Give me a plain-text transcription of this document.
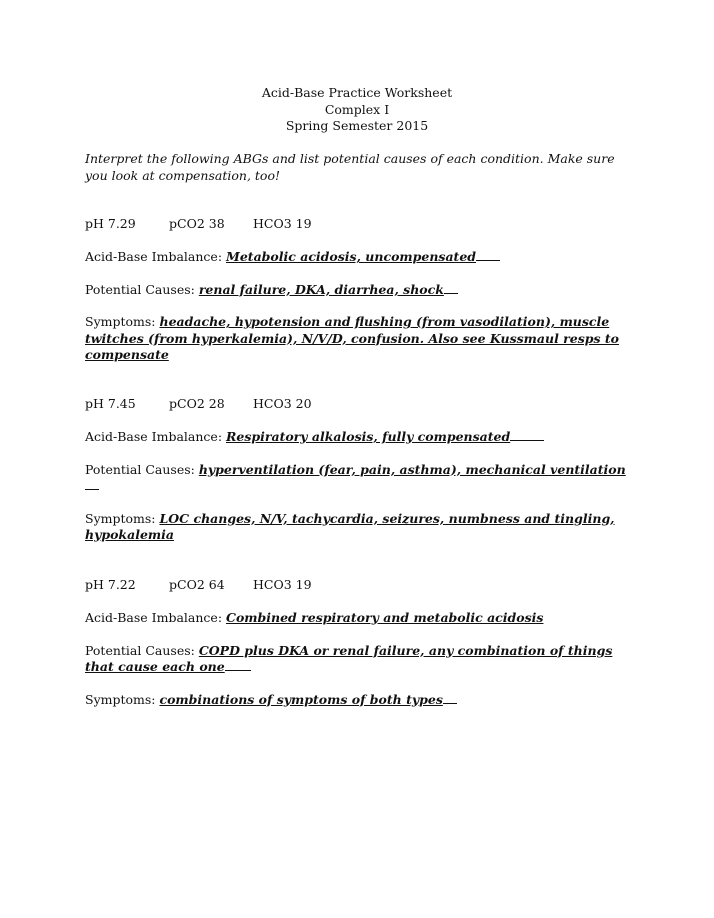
Acid-Base Practice Worksheet
Complex I
Spring Semester 2015
Interpret the following ABGs and list potential causes of each condition. Make sure you look at compensation, too!
pH 7.29	pCO2 38	HCO3 19
Acid-Base Imbalance: Metabolic acidosis, uncompensated
Potential Causes: renal failure, DKA, diarrhea, shock
Symptoms: headache, hypotension and flushing (from vasodilation), muscle twitches (from hyperkalemia), N/V/D, confusion. Also see Kussmaul resps to compensate
pH 7.45	pCO2 28	HCO3 20
Acid-Base Imbalance: Respiratory alkalosis, fully compensated
Potential Causes: hyperventilation (fear, pain, asthma), mechanical ventilation
Symptoms: LOC changes, N/V, tachycardia, seizures, numbness and tingling, hypokalemia
pH 7.22	pCO2 64	HCO3 19
Acid-Base Imbalance: Combined respiratory and metabolic acidosis
Potential Causes: COPD plus DKA or renal failure, any combination of things that cause each one
Symptoms: combinations of symptoms of both types
